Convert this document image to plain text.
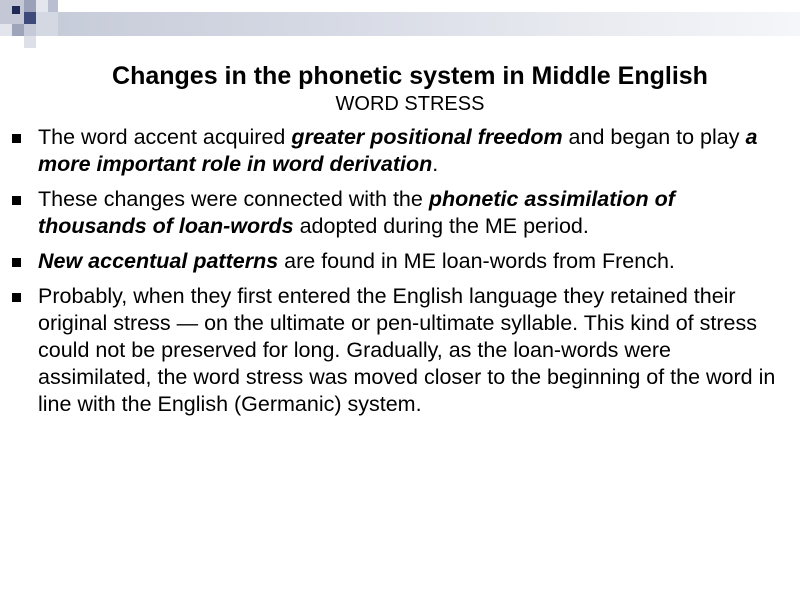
Changes in the phonetic system in Middle English
WORD STRESS
The word accent acquired greater positional freedom and began to play a more important role in word derivation.
These changes were connected with the phonetic assimilation of thousands of loan-words adopted during the ME period.
New accentual patterns are found in ME loan-words from French.
Probably, when they first entered the English language they retained their original stress — on the ultimate or pen-ultimate syllable. This kind of stress could not be preserved for long. Gradually, as the loan-words were assimilated, the word stress was moved closer to the beginning of the word in line with the English (Germanic) system.
